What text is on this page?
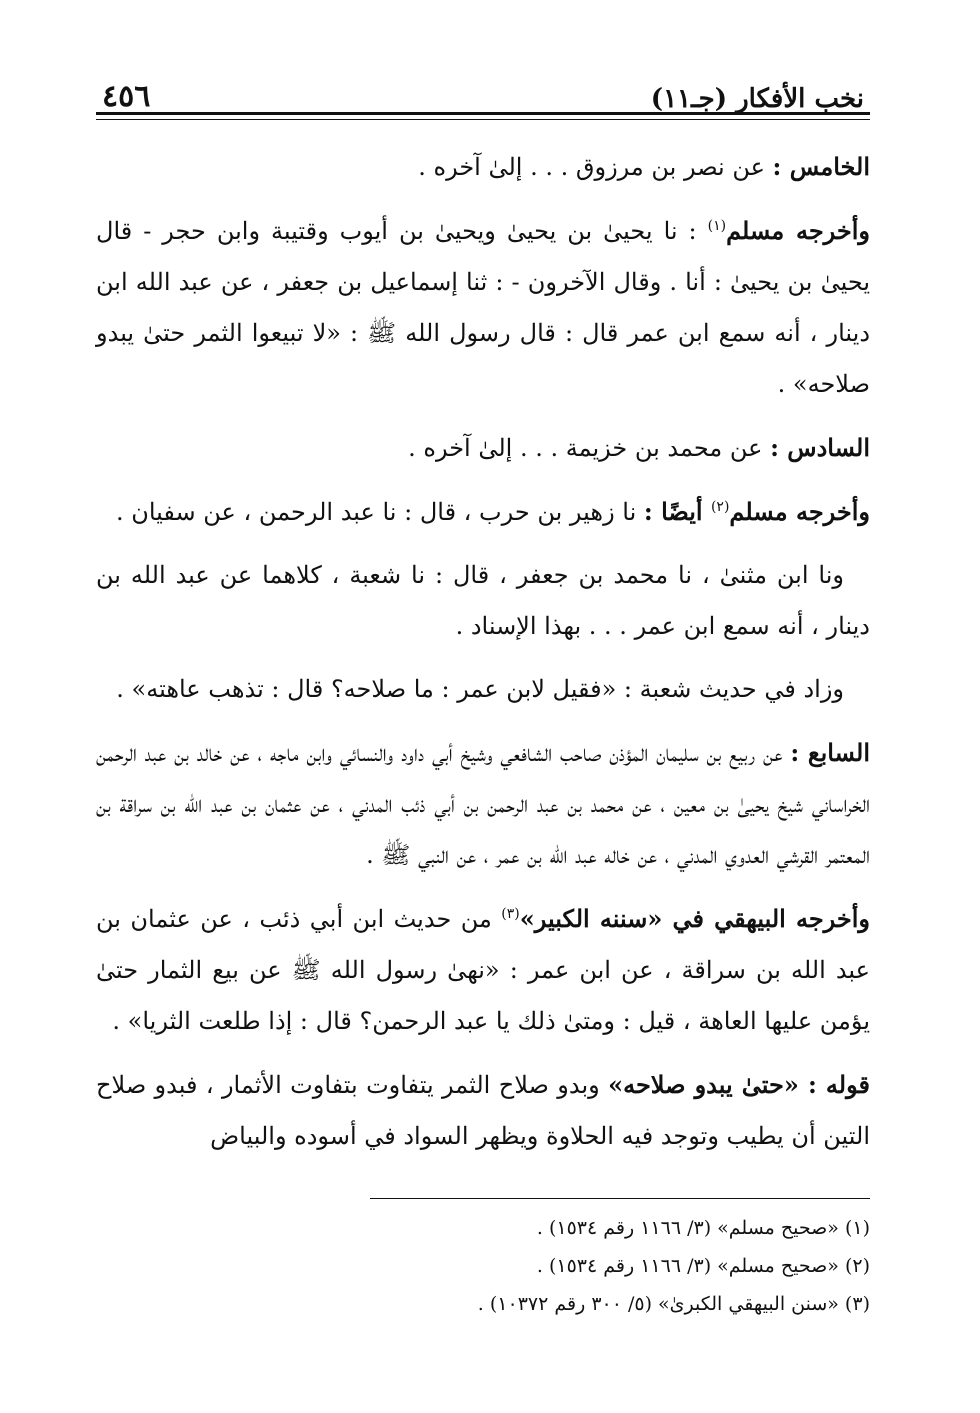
نخب الأفكار (جـ١١)
٤٥٦

الخامس : عن نصر بن مرزوق . . . إلىٰ آخره .

وأخرجه مسلم$^{(١)}$ : نا يحيىٰ بن يحيىٰ ويحيىٰ بن أيوب وقتيبة وابن حجر - قال يحيىٰ بن يحيىٰ : أنا . وقال الآخرون - : ثنا إسماعيل بن جعفر ، عن عبد الله ابن دينار ، أنه سمع ابن عمر قال : قال رسول الله ﷺ : «لا تبيعوا الثمر حتىٰ يبدو صلاحه» .

السادس : عن محمد بن خزيمة . . . إلىٰ آخره .

وأخرجه مسلم$^{(٢)}$ أيضًا : نا زهير بن حرب ، قال : نا عبد الرحمن ، عن سفيان .

ونا ابن مثنىٰ ، نا محمد بن جعفر ، قال : نا شعبة ، كلاهما عن عبد الله بن دينار ، أنه سمع ابن عمر . . . بهذا الإسناد .

وزاد في حديث شعبة : «فقيل لابن عمر : ما صلاحه؟ قال : تذهب عاهته» .

السابع : عن ربيع بن سليمان المؤذن صاحب الشافعي وشيخ أبي داود والنسائي وابن ماجه ، عن خالد بن عبد الرحمن الخراساني شيخ يحيىٰ بن معين ، عن محمد بن عبد الرحمن بن أبي ذئب المدني ، عن عثمان بن عبد الله بن سراقة بن المعتمر القرشي العدوي المدني ، عن خاله عبد الله بن عمر ، عن النبي ﷺ .

وأخرجه البيهقي في «سننه الكبير»$^{(٣)}$ من حديث ابن أبي ذئب ، عن عثمان بن عبد الله بن سراقة ، عن ابن عمر : «نهىٰ رسول الله ﷺ عن بيع الثمار حتىٰ يؤمن عليها العاهة ، قيل : ومتىٰ ذلك يا عبد الرحمن؟ قال : إذا طلعت الثريا» .

قوله : «حتىٰ يبدو صلاحه» وبدو صلاح الثمر يتفاوت بتفاوت الأثمار ، فبدو صلاح التين أن يطيب وتوجد فيه الحلاوة ويظهر السواد في أسوده والبياض

(١) «صحيح مسلم» (٣/ ١١٦٦ رقم ١٥٣٤) .

(٢) «صحيح مسلم» (٣/ ١١٦٦ رقم ١٥٣٤) .

(٣) «سنن البيهقي الكبرىٰ» (٥/ ٣٠٠ رقم ١٠٣٧٢) .
